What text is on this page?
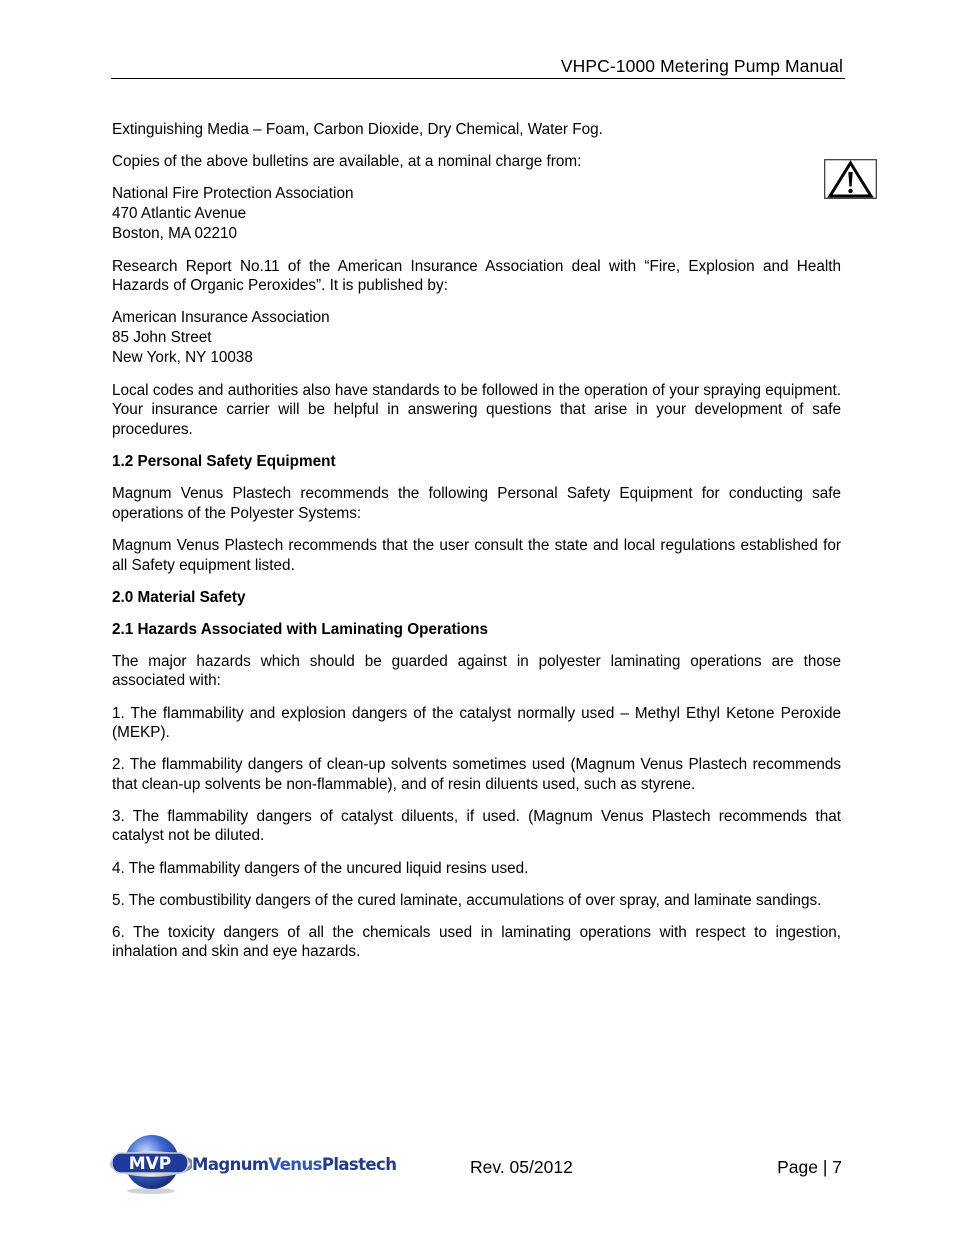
VHPC-1000 Metering Pump Manual

Extinguishing Media – Foam, Carbon Dioxide, Dry Chemical, Water Fog.

Copies of the above bulletins are available, at a nominal charge from:

National Fire Protection Association
470 Atlantic Avenue
Boston, MA 02210

Research Report No.11 of the American Insurance Association deal with “Fire, Explosion and Health Hazards of Organic Peroxides”. It is published by:

American Insurance Association
85 John Street
New York, NY 10038

Local codes and authorities also have standards to be followed in the operation of your spraying equipment. Your insurance carrier will be helpful in answering questions that arise in your development of safe procedures.

1.2 Personal Safety Equipment

Magnum Venus Plastech recommends the following Personal Safety Equipment for conducting safe operations of the Polyester Systems:

Magnum Venus Plastech recommends that the user consult the state and local regulations established for all Safety equipment listed.

2.0 Material Safety

2.1 Hazards Associated with Laminating Operations

The major hazards which should be guarded against in polyester laminating operations are those associated with:

1. The flammability and explosion dangers of the catalyst normally used – Methyl Ethyl Ketone Peroxide (MEKP).

2. The flammability dangers of clean-up solvents sometimes used (Magnum Venus Plastech recommends that clean-up solvents be non-flammable), and of resin diluents used, such as styrene.

3. The flammability dangers of catalyst diluents, if used. (Magnum Venus Plastech recommends that catalyst not be diluted.

4. The flammability dangers of the uncured liquid resins used.

5. The combustibility dangers of the cured laminate, accumulations of over spray, and laminate sandings.

6. The toxicity dangers of all the chemicals used in laminating operations with respect to ingestion, inhalation and skin and eye hazards.

MVP MagnumVenusPlastech	Rev. 05/2012	Page | 7
